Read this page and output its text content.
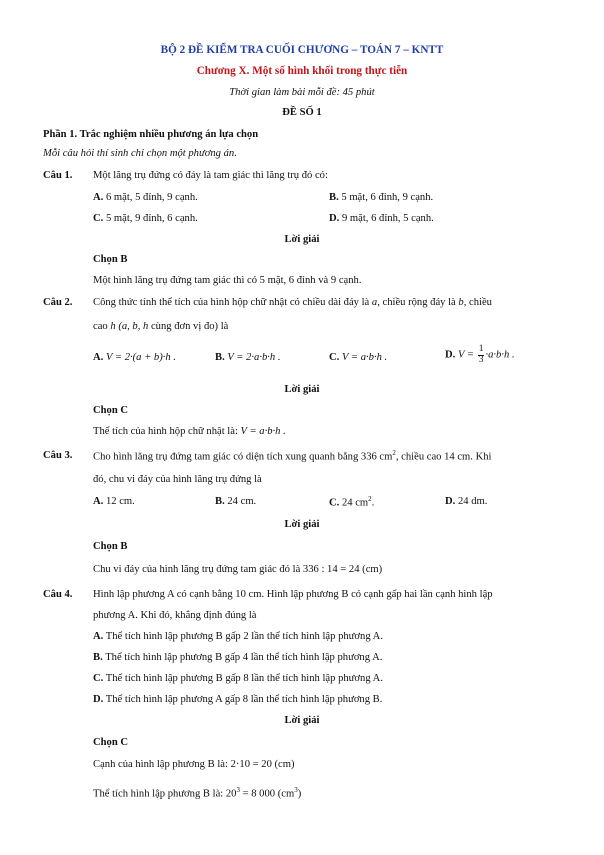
BỘ 2 ĐỀ KIỂM TRA CUỐI CHƯƠNG – TOÁN 7 – KNTT
Chương X. Một số hình khối trong thực tiễn
Thời gian làm bài mỗi đề: 45 phút
ĐỀ SỐ 1
Phần 1. Trắc nghiệm nhiều phương án lựa chọn
Mỗi câu hỏi thí sinh chỉ chọn một phương án.
Câu 1. Một lăng trụ đứng có đáy là tam giác thì lăng trụ đó có:
A. 6 mặt, 5 đỉnh, 9 cạnh.	B. 5 mặt, 6 đỉnh, 9 cạnh.
C. 5 mặt, 9 đỉnh, 6 cạnh.	D. 9 mặt, 6 đỉnh, 5 cạnh.
Lời giải
Chọn B
Một hình lăng trụ đứng tam giác thì có 5 mặt, 6 đỉnh và 9 cạnh.
Câu 2. Công thức tính thể tích của hình hộp chữ nhật có chiều dài đáy là a, chiều rộng đáy là b, chiều
cao h (a, b, h cùng đơn vị đo) là
A. V = 2·(a + b)·h .	B. V = 2·a·b·h .	C. V = a·b·h .	D. $V = \frac{1}{3} \cdot a\cdot b\cdot h$ .
Lời giải
Chọn C
Thể tích của hình hộp chữ nhật là: V = a·b·h .
Câu 3. Cho hình lăng trụ đứng tam giác có diện tích xung quanh bằng 336 $cm^2$, chiều cao 14 cm. Khi
đó, chu vi đáy của hình lăng trụ đứng là
A. 12 cm.	B. 24 cm.	C. 24 $cm^2$.	D. 24 dm.
Lời giải
Chọn B
Chu vi đáy của hình lăng trụ đứng tam giác đó là 336 : 14 = 24 (cm)
Câu 4. Hình lập phương A có cạnh bằng 10 cm. Hình lập phương B có cạnh gấp hai lần cạnh hình lập
phương A. Khi đó, khẳng định đúng là
A. Thể tích hình lập phương B gấp 2 lần thể tích hình lập phương A.
B. Thể tích hình lập phương B gấp 4 lần thể tích hình lập phương A.
C. Thể tích hình lập phương B gấp 8 lần thể tích hình lập phương A.
D. Thể tích hình lập phương A gấp 8 lần thể tích hình lập phương B.
Lời giải
Chọn C
Cạnh của hình lập phương B là: 2·10 = 20 (cm)
Thể tích hình lập phương B là: $20^3 = 8$ 000 $(cm^3)$
